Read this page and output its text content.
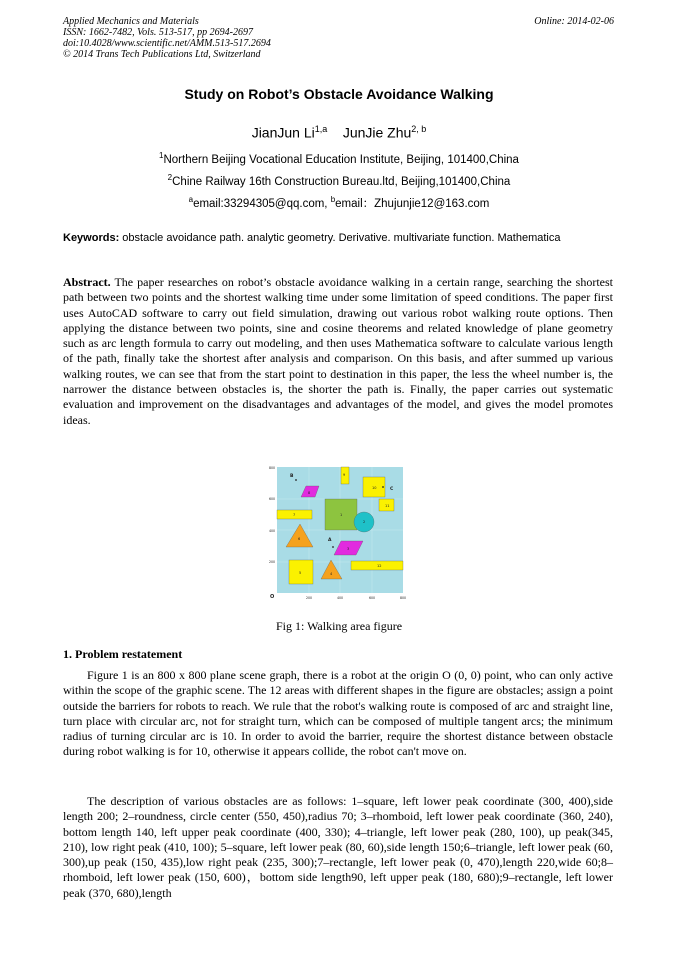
Applied Mechanics and Materials
ISSN: 1662-7482, Vols. 513-517, pp 2694-2697
doi:10.4028/www.scientific.net/AMM.513-517.2694
© 2014 Trans Tech Publications Ltd, Switzerland
Online: 2014-02-06
Study on Robot’s Obstacle Avoidance Walking
JianJun Li$^{1,a}$ JunJie Zhu$^{2, b}$
$^1$Northern Beijing Vocational Education Institute, Beijing, 101400,China
$^2$Chine Railway 16th Construction Bureau.ltd, Beijing,101400,China
$^a$email:33294305@qq.com, $^b$email：Zhujunjie12@163.com
Keywords: obstacle avoidance path. analytic geometry. Derivative. multivariate function. Mathematica
Abstract. The paper researches on robot’s obstacle avoidance walking in a certain range, searching the shortest path between two points and the shortest walking time under some limitation of speed conditions. The paper first uses AutoCAD software to carry out field simulation, drawing out various robot walking route options. Then applying the distance between two points, sine and cosine theorems and related knowledge of plane geometry such as arc length formula to carry out modeling, and then uses Mathematica software to calculate various length of the path, finally take the shortest after analysis and comparison. On this basis, and after summed up various walking routes, we can see that from the start point to destination in this paper, the less the wheel number is, the narrower the distance between obstacles is, the shorter the path is. Finally, the paper carries out systematic evaluation and improvement on the disadvantages and advantages of the model, and gives the model promotes ideas.
1
2
3
4
5
6
7
8
9
10
11
12
B
C
A
200	400	600	800
800
600
400
200
O
Fig 1: Walking area figure
1. Problem restatement
Figure 1 is an 800 x 800 plane scene graph, there is a robot at the origin O (0, 0) point, who can only active within the scope of the graphic scene. The 12 areas with different shapes in the figure are obstacles; assign a point outside the barriers for robots to reach. We rule that the robot's walking route is composed of arc and straight line, turn place with circular arc, not for straight turn, which can be composed of multiple tangent arcs; the minimum radius of turning circular arc is 10. In order to avoid the barrier, require the shortest distance between obstacle during robot walking is for 10, otherwise it appears collide, the robot can't move on.
The description of various obstacles are as follows: 1–square, left lower peak coordinate (300, 400),side length 200; 2–roundness, circle center (550, 450),radius 70; 3–rhomboid, left lower peak coordinate (360, 240), bottom length 140, left upper peak coordinate (400, 330); 4–triangle, left lower peak (280, 100), up peak(345, 210), low right peak (410, 100); 5–square, left lower peak (80, 60),side length 150;6–triangle, left lower peak (60, 300),up peak (150, 435),low right peak (235, 300);7–rectangle, left lower peak (0, 470),length 220,wide 60;8–rhomboid, left lower peak (150, 600)，bottom side length90, left upper peak (180, 680);9–rectangle, left lower peak (370, 680),length
